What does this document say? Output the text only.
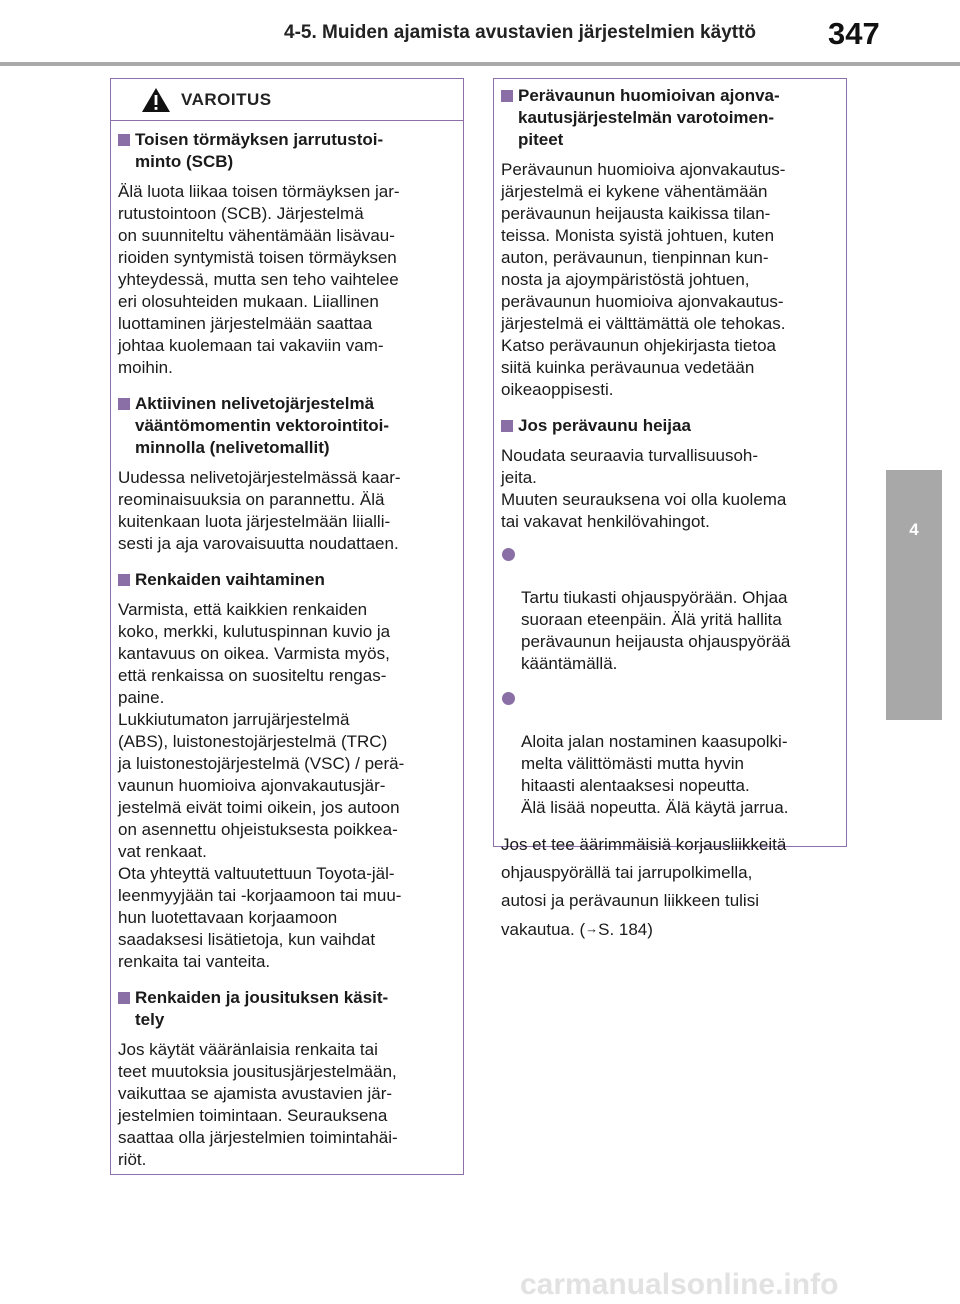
4-5. Muiden ajamista avustavien järjestelmien käyttö 347
4
Ajaminen
VAROITUS
Toisen törmäyksen jarrutustoi-
minto (SCB)
Älä luota liikaa toisen törmäyksen jar-
rutustointoon (SCB). Järjestelmä
on suunniteltu vähentämään lisävau-
rioiden syntymistä toisen törmäyksen
yhteydessä, mutta sen teho vaihtelee
eri olosuhteiden mukaan. Liiallinen
luottaminen järjestelmään saattaa
johtaa kuolemaan tai vakaviin vam-
moihin.
Aktiivinen nelivetojärjestelmä
vääntömomentin vektorointitoi-
minnolla (nelivetomallit)
Uudessa nelivetojärjestelmässä kaar-
reominaisuuksia on parannettu. Älä
kuitenkaan luota järjestelmään liialli-
sesti ja aja varovaisuutta noudattaen.
Renkaiden vaihtaminen
Varmista, että kaikkien renkaiden
koko, merkki, kulutuspinnan kuvio ja
kantavuus on oikea. Varmista myös,
että renkaissa on suositeltu rengas-
paine.
Lukkiutumaton jarrujärjestelmä
(ABS), luistonestojärjestelmä (TRC)
ja luistonestojärjestelmä (VSC) / perä-
vaunun huomioiva ajonvakautusjär-
jestelmä eivät toimi oikein, jos autoon
on asennettu ohjeistuksesta poikkea-
vat renkaat.
Ota yhteyttä valtuutettuun Toyota-jäl-
leenmyyjään tai -korjaamoon tai muu-
hun luotettavaan korjaamoon
saadaksesi lisätietoja, kun vaihdat
renkaita tai vanteita.
Renkaiden ja jousituksen käsit-
tely
Jos käytät vääränlaisia renkaita tai
teet muutoksia jousitusjärjestelmään,
vaikuttaa se ajamista avustavien jär-
jestelmien toimintaan. Seurauksena
saattaa olla järjestelmien toimintahäi-
riöt.
Perävaunun huomioivan ajonva-
kautusjärjestelmän varotoimen-
piteet
Perävaunun huomioiva ajonvakautus-
järjestelmä ei kykene vähentämään
perävaunun heijausta kaikissa tilan-
teissa. Monista syistä johtuen, kuten
auton, perävaunun, tienpinnan kun-
nosta ja ajoympäristöstä johtuen,
perävaunun huomioiva ajonvakautus-
järjestelmä ei välttämättä ole tehokas.
Katso perävaunun ohjekirjasta tietoa
siitä kuinka perävaunua vedetään
oikeaoppisesti.
Jos perävaunu heijaa
Noudata seuraavia turvallisuusoh-
jeita.
Muuten seurauksena voi olla kuolema
tai vakavat henkilövahingot.

Tartu tiukasti ohjauspyörään. Ohjaa
suoraan eteenpäin. Älä yritä hallita
perävaunun heijausta ohjauspyörää
kääntämällä.

Aloita jalan nostaminen kaasupolki-
melta välittömästi mutta hyvin
hitaasti alentaaksesi nopeutta.
Älä lisää nopeutta. Älä käytä jarrua.

Jos et tee äärimmäisiä korjausliikkeitä
ohjauspyörällä tai jarrupolkimella,
autosi ja perävaunun liikkeen tulisi
vakautua. (→S. 184)
carmanualsonline.info
